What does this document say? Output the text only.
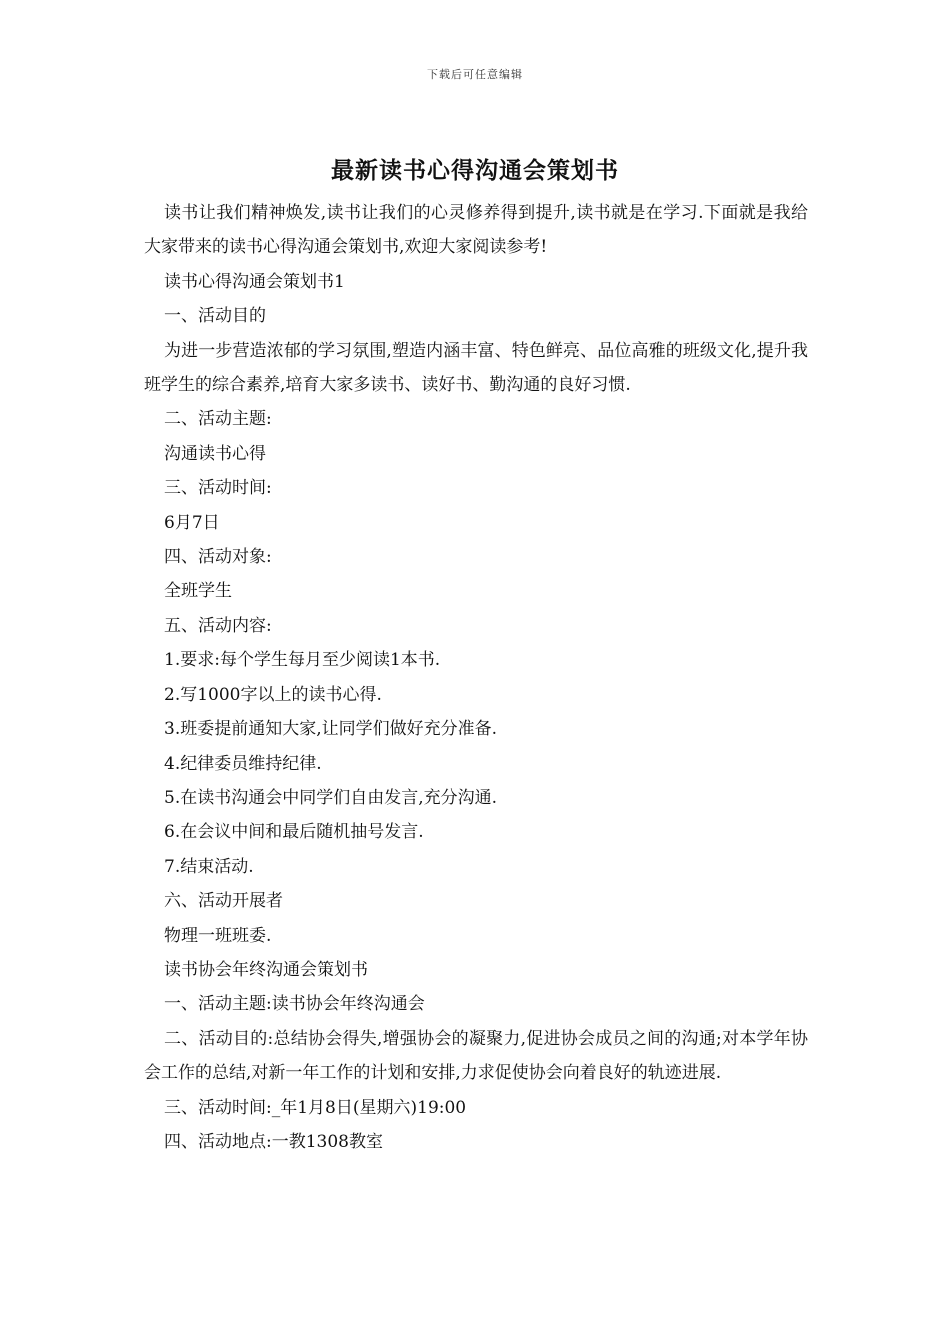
下载后可任意编辑
最新读书心得沟通会策划书

读书让我们精神焕发,读书让我们的心灵修养得到提升,读书就是在学习.下面就是我给大家带来的读书心得沟通会策划书,欢迎大家阅读参考!

读书心得沟通会策划书1

一、活动目的

为进一步营造浓郁的学习氛围,塑造内涵丰富、特色鲜亮、品位高雅的班级文化,提升我班学生的综合素养,培育大家多读书、读好书、勤沟通的良好习惯.

二、活动主题:

沟通读书心得

三、活动时间:

6月7日

四、活动对象:

全班学生

五、活动内容:

1.要求:每个学生每月至少阅读1本书.

2.写1000字以上的读书心得.

3.班委提前通知大家,让同学们做好充分准备.

4.纪律委员维持纪律.

5.在读书沟通会中同学们自由发言,充分沟通.

6.在会议中间和最后随机抽号发言.

7.结束活动.

六、活动开展者

物理一班班委.

读书协会年终沟通会策划书

一、活动主题:读书协会年终沟通会

二、活动目的:总结协会得失,增强协会的凝聚力,促进协会成员之间的沟通;对本学年协会工作的总结,对新一年工作的计划和安排,力求促使协会向着良好的轨迹进展.

三、活动时间:_年1月8日(星期六)19:00

四、活动地点:一教1308教室
